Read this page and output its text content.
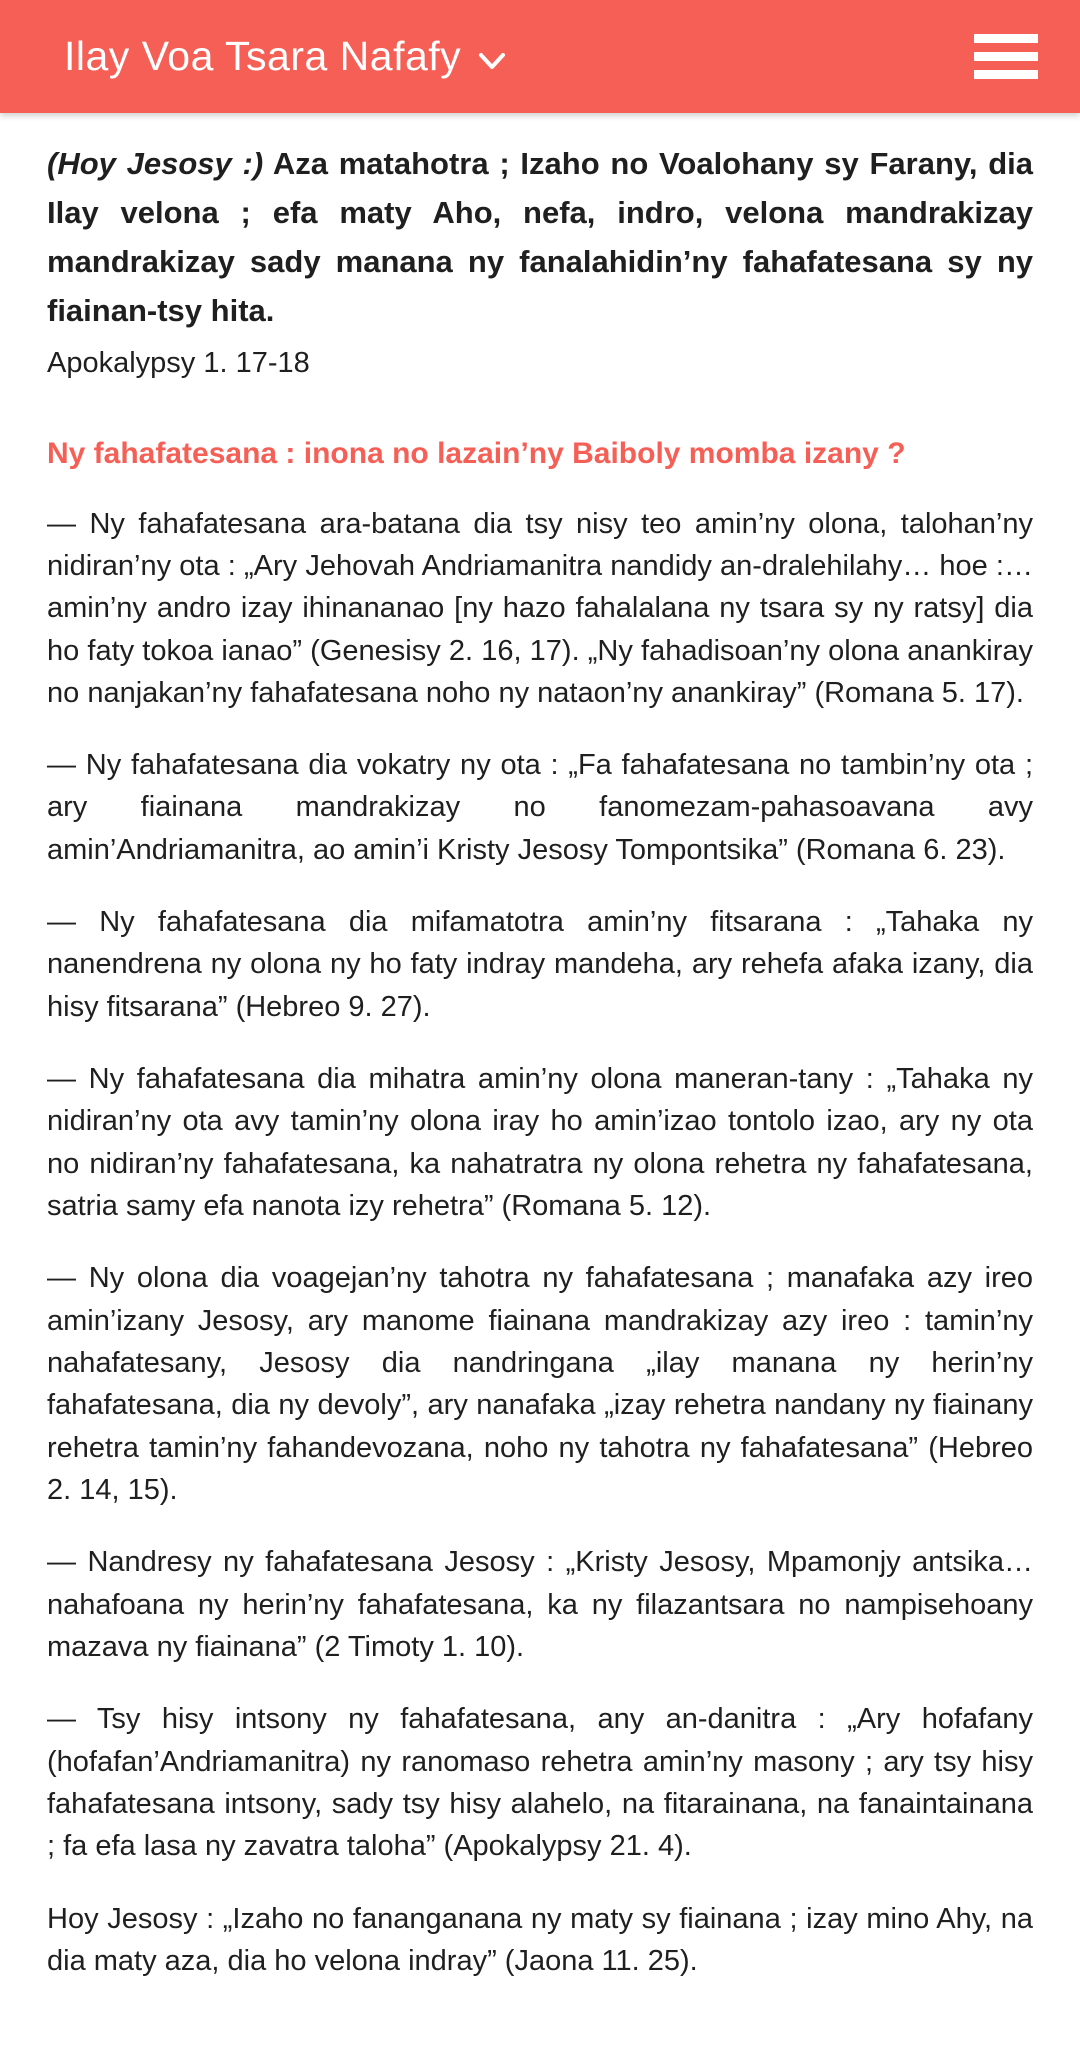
Ilay Voa Tsara Nafafy

(Hoy Jesosy :) Aza matahotra ; Izaho no Voalohany sy Farany, dia Ilay velona ; efa maty Aho, nefa, indro, velona mandrakizay mandrakizay sady manana ny fanalahidin’ny fahafatesana sy ny fiainan-tsy hita.

Apokalypsy 1. 17-18

Ny fahafatesana : inona no lazain’ny Baiboly momba izany ?

— Ny fahafatesana ara-batana dia tsy nisy teo amin’ny olona, talohan’ny nidiran’ny ota : „Ary Jehovah Andriamanitra nandidy an-dralehilahy… hoe :… amin’ny andro izay ihinananao [ny hazo fahalalana ny tsara sy ny ratsy] dia ho faty tokoa ianao” (Genesisy 2. 16, 17). „Ny fahadisoan’ny olona anankiray no nanjakan’ny fahafatesana noho ny nataon’ny anankiray” (Romana 5. 17).

— Ny fahafatesana dia vokatry ny ota : „Fa fahafatesana no tambin’ny ota ; ary fiainana mandrakizay no fanomezam-pahasoavana avy amin’Andriamanitra, ao amin’i Kristy Jesosy Tompontsika” (Romana 6. 23).

— Ny fahafatesana dia mifamatotra amin’ny fitsarana : „Tahaka ny nanendrena ny olona ny ho faty indray mandeha, ary rehefa afaka izany, dia hisy fitsarana” (Hebreo 9. 27).

— Ny fahafatesana dia mihatra amin’ny olona maneran-tany : „Tahaka ny nidiran’ny ota avy tamin’ny olona iray ho amin’izao tontolo izao, ary ny ota no nidiran’ny fahafatesana, ka nahatratra ny olona rehetra ny fahafatesana, satria samy efa nanota izy rehetra” (Romana 5. 12).

— Ny olona dia voagejan’ny tahotra ny fahafatesana ; manafaka azy ireo amin’izany Jesosy, ary manome fiainana mandrakizay azy ireo : tamin’ny nahafatesany, Jesosy dia nandringana „ilay manana ny herin’ny fahafatesana, dia ny devoly”, ary nanafaka „izay rehetra nandany ny fiainany rehetra tamin’ny fahandevozana, noho ny tahotra ny fahafatesana” (Hebreo 2. 14, 15).

— Nandresy ny fahafatesana Jesosy : „Kristy Jesosy, Mpamonjy antsika… nahafoana ny herin’ny fahafatesana, ka ny filazantsara no nampisehoany mazava ny fiainana” (2 Timoty 1. 10).

— Tsy hisy intsony ny fahafatesana, any an-danitra : „Ary hofafany (hofafan’Andriamanitra) ny ranomaso rehetra amin’ny masony ; ary tsy hisy fahafatesana intsony, sady tsy hisy alahelo, na fitarainana, na fanaintainana ; fa efa lasa ny zavatra taloha” (Apokalypsy 21. 4).

Hoy Jesosy : „Izaho no fananganana ny maty sy fiainana ; izay mino Ahy, na dia maty aza, dia ho velona indray” (Jaona 11. 25).
